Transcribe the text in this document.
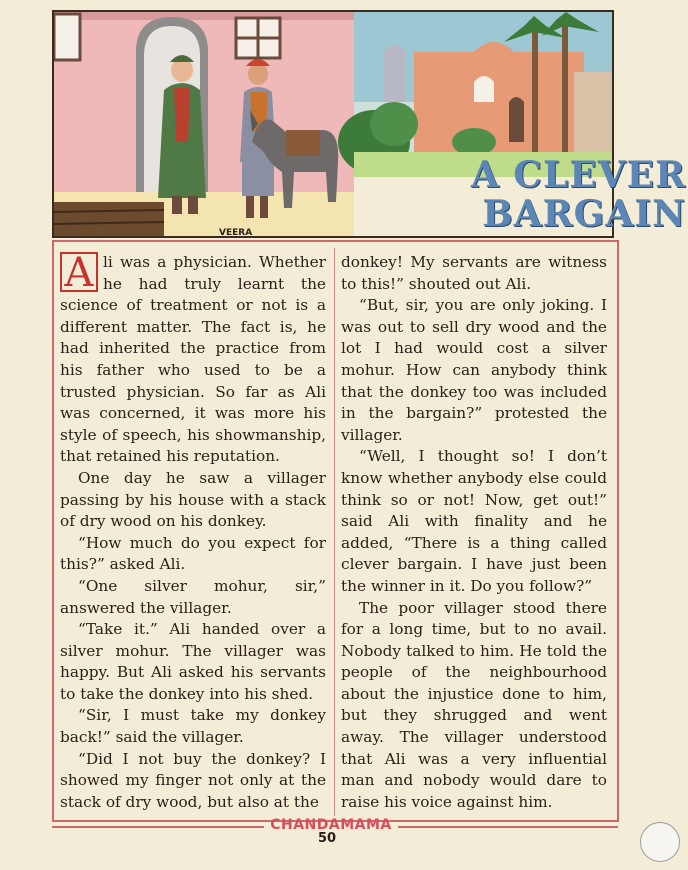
VEERA
A CLEVER
BARGAIN

A li was a physician. Whether he had truly learnt the science of treatment or not is a different matter. The fact is, he had inherited the practice from his father who used to be a trusted physician. So far as Ali was concerned, it was more his style of speech, his showmanship, that retained his reputation.

One day he saw a villager passing by his house with a stack of dry wood on his donkey.

“How much do you expect for this?” asked Ali.

“One silver mohur, sir,” answered the villager.

“Take it.” Ali handed over a silver mohur. The villager was happy. But Ali asked his servants to take the donkey into his shed.

“Sir, I must take my donkey back!” said the villager.

“Did I not buy the donkey? I showed my finger not only at the stack of dry wood, but also at the

donkey! My servants are witness to this!” shouted out Ali.

“But, sir, you are only joking. I was out to sell dry wood and the lot I had would cost a silver mohur. How can anybody think that the donkey too was included in the bargain?” protested the villager.

“Well, I thought so! I don’t know whether anybody else could think so or not! Now, get out!” said Ali with finality and he added, “There is a thing called clever bargain. I have just been the winner in it. Do you follow?”

The poor villager stood there for a long time, but to no avail. Nobody talked to him. He told the people of the neighbourhood about the injustice done to him, but they shrugged and went away. The villager understood that Ali was a very influential man and nobody would dare to raise his voice against him.

CHANDAMAMA
50
